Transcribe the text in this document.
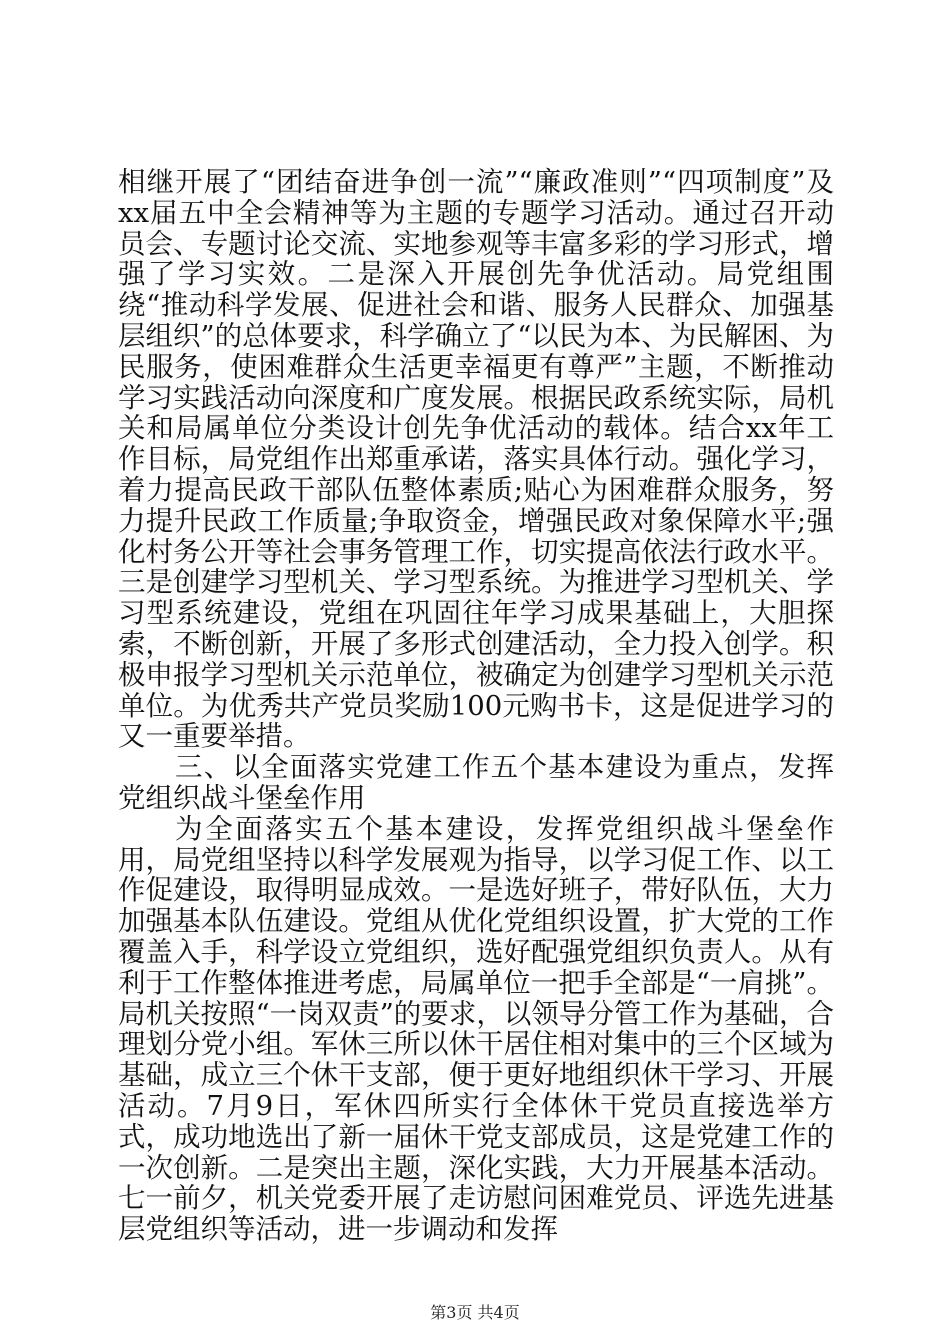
相继开展了“团结奋进争创一流”“廉政准则”“四项制度”及xx届五中全会精神等为主题的专题学习活动。通过召开动员会、专题讨论交流、实地参观等丰富多彩的学习形式，增强了学习实效。二是深入开展创先争优活动。局党组围绕“推动科学发展、促进社会和谐、服务人民群众、加强基层组织”的总体要求，科学确立了“以民为本、为民解困、为民服务，使困难群众生活更幸福更有尊严”主题，不断推动学习实践活动向深度和广度发展。根据民政系统实际，局机关和局属单位分类设计创先争优活动的载体。结合xx年工作目标，局党组作出郑重承诺，落实具体行动。强化学习，着力提高民政干部队伍整体素质;贴心为困难群众服务，努力提升民政工作质量;争取资金，增强民政对象保障水平;强化村务公开等社会事务管理工作，切实提高依法行政水平。三是创建学习型机关、学习型系统。为推进学习型机关、学习型系统建设，党组在巩固往年学习成果基础上，大胆探索，不断创新，开展了多形式创建活动，全力投入创学。积极申报学习型机关示范单位，被确定为创建学习型机关示范单位。为优秀共产党员奖励100元购书卡，这是促进学习的又一重要举措。

三、以全面落实党建工作五个基本建设为重点，发挥党组织战斗堡垒作用

为全面落实五个基本建设，发挥党组织战斗堡垒作用，局党组坚持以科学发展观为指导，以学习促工作、以工作促建设，取得明显成效。一是选好班子，带好队伍，大力加强基本队伍建设。党组从优化党组织设置，扩大党的工作覆盖入手，科学设立党组织，选好配强党组织负责人。从有利于工作整体推进考虑，局属单位一把手全部是“一肩挑”。局机关按照“一岗双责”的要求，以领导分管工作为基础，合理划分党小组。军休三所以休干居住相对集中的三个区域为基础，成立三个休干支部，便于更好地组织休干学习、开展活动。7月9日，军休四所实行全体休干党员直接选举方式，成功地选出了新一届休干党支部成员，这是党建工作的一次创新。二是突出主题，深化实践，大力开展基本活动。七一前夕，机关党委开展了走访慰问困难党员、评选先进基层党组织等活动，进一步调动和发挥

第3页 共4页
